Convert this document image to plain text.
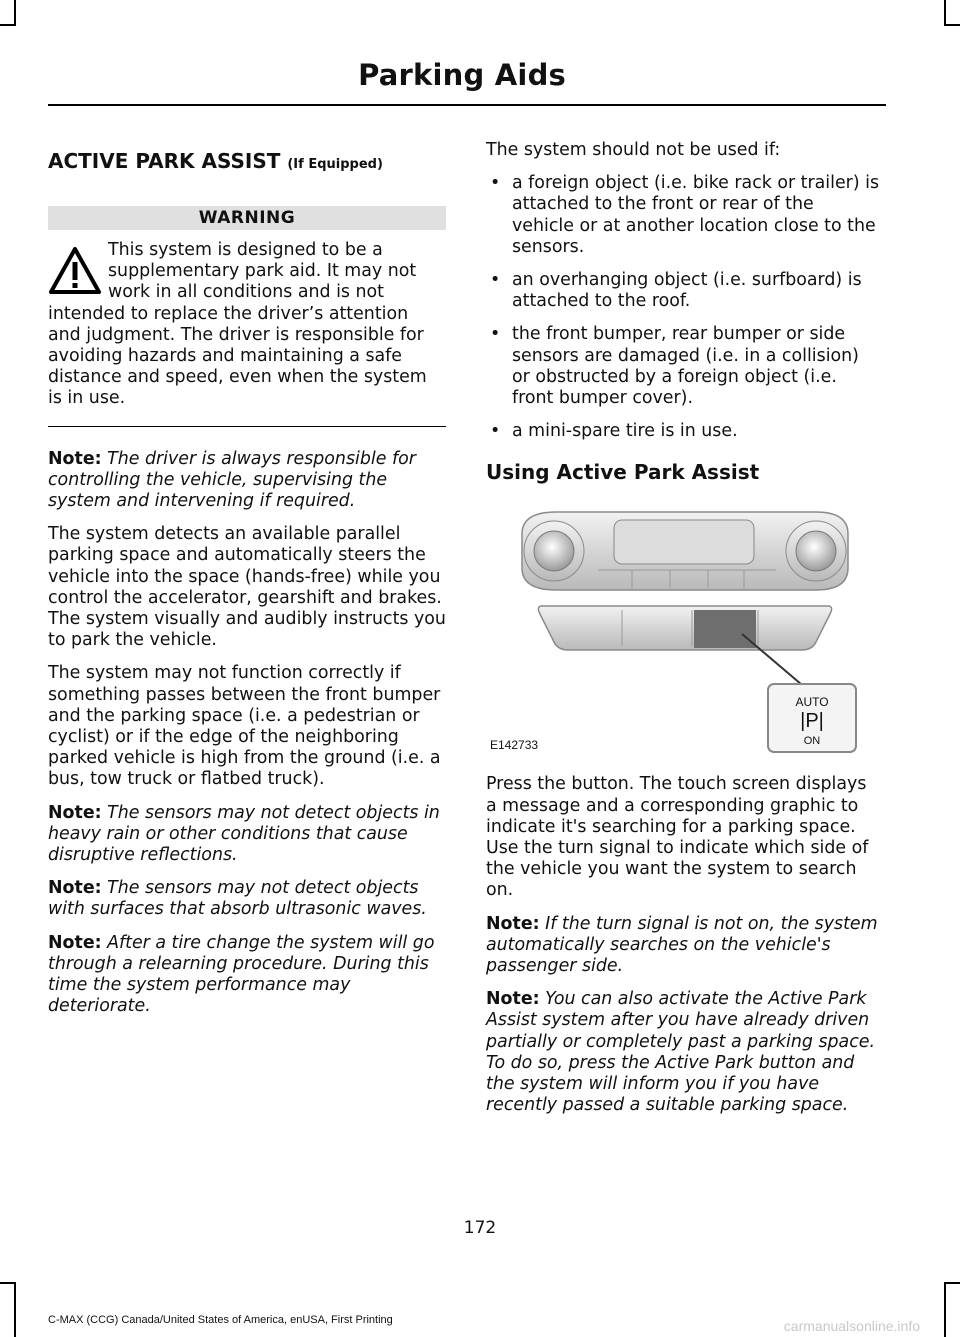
Parking Aids
ACTIVE PARK ASSIST (If Equipped)
WARNING
This system is designed to be a supplementary park aid. It may not work in all conditions and is not intended to replace the driver’s attention and judgment. The driver is responsible for avoiding hazards and maintaining a safe distance and speed, even when the system is in use.

Note: The driver is always responsible for controlling the vehicle, supervising the system and intervening if required.

The system detects an available parallel parking space and automatically steers the vehicle into the space (hands-free) while you control the accelerator, gearshift and brakes. The system visually and audibly instructs you to park the vehicle.

The system may not function correctly if something passes between the front bumper and the parking space (i.e. a pedestrian or cyclist) or if the edge of the neighboring parked vehicle is high from the ground (i.e. a bus, tow truck or flatbed truck).

Note: The sensors may not detect objects in heavy rain or other conditions that cause disruptive reflections.

Note: The sensors may not detect objects with surfaces that absorb ultrasonic waves.

Note: After a tire change the system will go through a relearning procedure. During this time the system performance may deteriorate.

The system should not be used if:

• a foreign object (i.e. bike rack or trailer) is attached to the front or rear of the vehicle or at another location close to the sensors.
• an overhanging object (i.e. surfboard) is attached to the roof.
• the front bumper, rear bumper or side sensors are damaged (i.e. in a collision) or obstructed by a foreign object (i.e. front bumper cover).
• a mini-spare tire is in use.
Using Active Park Assist
AUTO
|P|
ON
E142733

Press the button. The touch screen displays a message and a corresponding graphic to indicate it's searching for a parking space. Use the turn signal to indicate which side of the vehicle you want the system to search on.

Note: If the turn signal is not on, the system automatically searches on the vehicle's passenger side.

Note: You can also activate the Active Park Assist system after you have already driven partially or completely past a parking space. To do so, press the Active Park button and the system will inform you if you have recently passed a suitable parking space.

172
C-MAX (CCG) Canada/United States of America, enUSA, First Printing	carmanualsonline.info
